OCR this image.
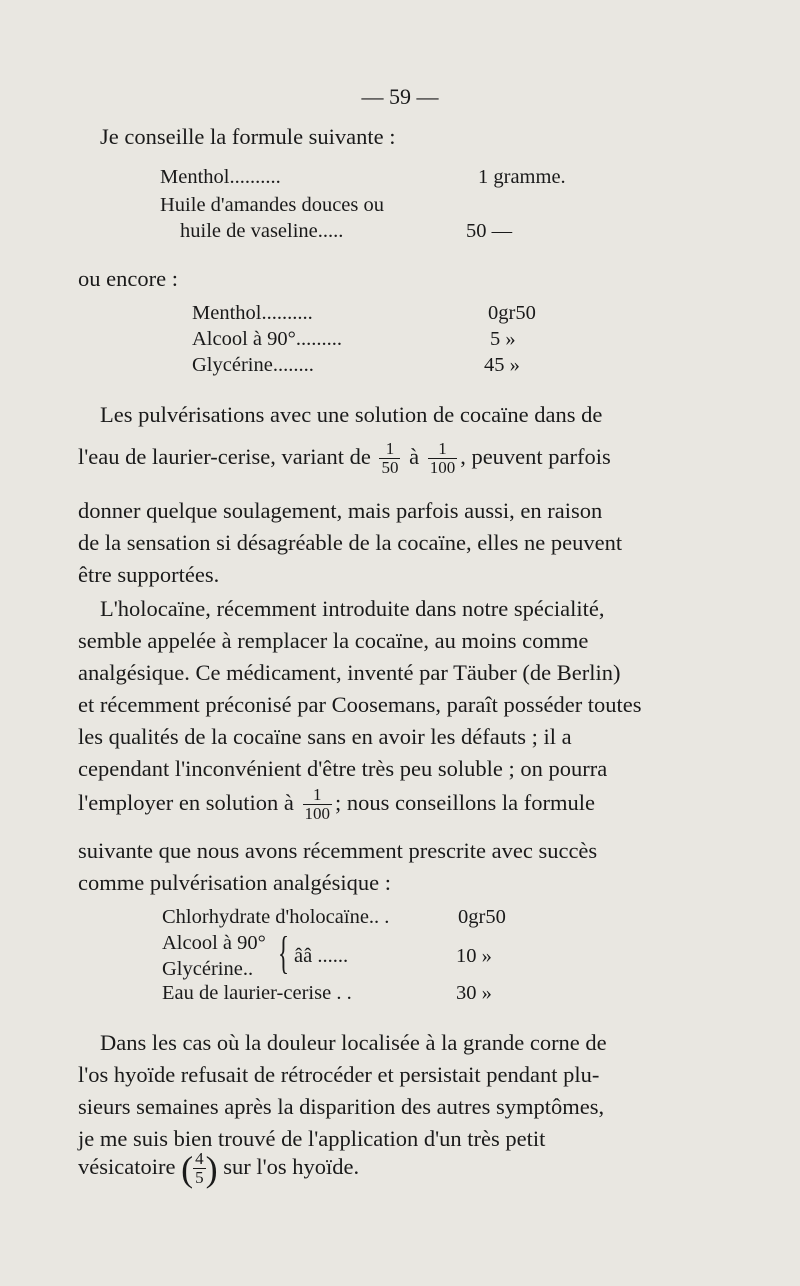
— 59 —

Je conseille la formule suivante :

Menthol..........	1 gramme.
Huile d'amandes douces ou
huile de vaseline.....	50 —

ou encore :

Menthol..........	0gr50
Alcool à 90°.........	5 »
Glycérine........	45 »

Les pulvérisations avec une solution de cocaïne dans de

l'eau de laurier-cerise, variant de $\frac{1}{50}$ à $\frac{1}{100}$ , peuvent parfois

donner quelque soulagement, mais parfois aussi, en raison

de la sensation si désagréable de la cocaïne, elles ne peuvent

être supportées.

L'holocaïne, récemment introduite dans notre spécialité,

semble appelée à remplacer la cocaïne, au moins comme

analgésique. Ce médicament, inventé par Täuber (de Berlin)

et récemment préconisé par Coosemans, paraît posséder toutes

les qualités de la cocaïne sans en avoir les défauts ; il a

cependant l'inconvénient d'être très peu soluble ; on pourra

l'employer en solution à $\frac{1}{100}$ ; nous conseillons la formule

suivante que nous avons récemment prescrite avec succès

comme pulvérisation analgésique :

Chlorhydrate d'holocaïne.. .	0gr50
Alcool à 90°
Glycérine.. { ââ ......	10 »
Eau de laurier-cerise . .	30 »

Dans les cas où la douleur localisée à la grande corne de

l'os hyoïde refusait de rétrocéder et persistait pendant plu-

sieurs semaines après la disparition des autres symptômes,

je me suis bien trouvé de l'application d'un très petit

vésicatoire ( $\frac{4}{5}$ ) sur l'os hyoïde.
